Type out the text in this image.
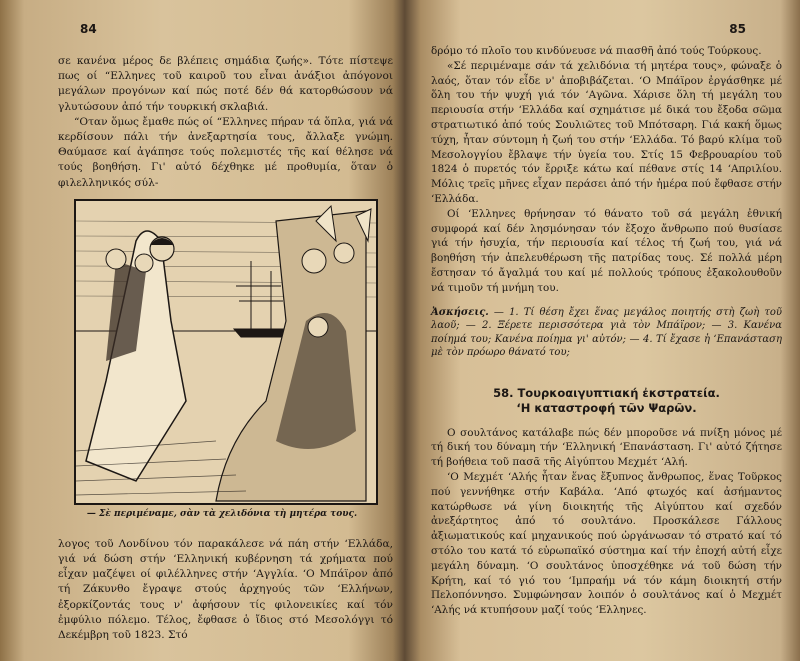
84

σε κανένα μέρος δε βλέπεις σημάδια ζωής». Τότε πίστεψε πως οί “Ελληνες τοῦ καιροῦ του εἶναι ἀνάξιοι ἀπόγονοι μεγάλων προγόνων καί πώς ποτέ δέν θά κατορθώσουν νά γλυτώσουν ἀπό τήν τουρκική σκλαβιά.

“Οταν ὅμως ἔμαθε πώς οί “Ελληνες πήραν τά ὅπλα, γιά νά κερδίσουν πάλι τήν ἀνεξαρτησία τους, ἄλλαξε γνώμη. Θαύμασε καί ἀγάπησε τούς πολεμιστές τῆς καί θέλησε νά τούς βοηθήση. Γι' αὐτό δέχθηκε μέ προθυμία, ὅταν ὁ φιλελληνικός σύλ-

— Σὲ περιμέναμε, σὰν τὰ χελιδόνια τὴ μητέρα τους.

λογος τοῦ Λονδίνου τόν παρακάλεσε νά πάη στήν ‘Ελλάδα, γιά νά δώση στήν ‘Ελληνική κυβέρνηση τά χρήματα πού εἶχαν μαζέψει οί φιλέλληνες στήν ‘Αγγλία. ‘Ο Μπάϊρον ἀπό τή Ζάκυνθο ἔγραψε στούς ἀρχηγούς τῶν ‘Ελλήνων, ἐξορκίζοντάς τους ν' ἀφήσουν τίς φιλονεικίες καί τόν ἐμφύλιο πόλεμο. Τέλος, ἔφθασε ὁ ἴδιος στό Μεσολόγγι τό Δεκέμβρη τοῦ 1823. Στό

85

δρόμο τό πλοῖο του κινδύνευσε νά πιασθῆ ἀπό τούς Τούρκους.

«Σέ περιμέναμε σάν τά χελιδόνια τή μητέρα τους», φώναξε ὁ λαός, ὅταν τόν εἶδε ν' ἀποβιβάζεται. ‘Ο Μπάϊρον ἐργάσθηκε μέ ὅλη του τήν ψυχή γιά τόν ‘Αγῶνα. Χάρισε ὅλη τή μεγάλη του περιουσία στήν ‘Ελλάδα καί σχημάτισε μέ δικά του ἔξοδα σῶμα στρατιωτικό ἀπό τούς Σουλιῶτες τοῦ Μπότσαρη. Γιά κακή ὅμως τύχη, ἦταν σύντομη ἡ ζωή του στήν ‘Ελλάδα. Τό βαρύ κλίμα τοῦ Μεσολογγίου ἔβλαψε τήν ὑγεία του. Στίς 15 Φεβρουαρίου τοῦ 1824 ὁ πυρετός τόν ἔρριξε κάτω καί πέθανε στίς 14 ‘Απριλίου. Μόλις τρεῖς μῆνες εἶχαν περάσει ἀπό τήν ἡμέρα πού ἔφθασε στήν ‘Ελλάδα.

Οί ‘Ελληνες θρήνησαν τό θάνατο τοῦ σά μεγάλη ἐθνική συμφορά καί δέν λησμόνησαν τόν ἔξοχο ἄνθρωπο πού θυσίασε γιά τήν ἡσυχία, τήν περιουσία καί τέλος τή ζωή του, γιά νά βοηθήση τήν ἀπελευθέρωση τῆς πατρίδας τους. Σέ πολλά μέρη ἔστησαν τό ἄγαλμά του καί μέ πολλούς τρόπους ἐξακολουθοῦν νά τιμοῦν τή μνήμη του.

Ἀσκήσεις. — 1. Τί θέση ἔχει ἕνας μεγάλος ποιητής στὴ ζωὴ τοῦ λαοῦ; — 2. Ξέρετε περισσότερα γιὰ τὸν Μπάϊρον; — 3. Κανένα ποίημά του; Κανένα ποίημα γι' αὐτόν; — 4. Τί ἔχασε ἡ ‘Επανάσταση μὲ τὸν πρόωρο θάνατό του;
58. Τουρκοαιγυπτιακή ἐκστρατεία.
‘Η καταστροφή τῶν Ψαρῶν.

Ο σουλτάνος κατάλαβε πώς δέν μποροῦσε νά πνίξη μόνος μέ τή δική του δύναμη τήν ‘Ελληνική ‘Επανάσταση. Γι' αὐτό ζήτησε τή βοήθεια τοῦ πασᾶ τῆς Αἰγύπτου Μεχμέτ ‘Αλή.

‘Ο Μεχμέτ ‘Αλής ἦταν ἕνας ἔξυπνος ἄνθρωπος, ἕνας Τοῦρκος πού γεννήθηκε στήν Καβάλα. ‘Από φτωχός καί ἀσήμαντος κατώρθωσε νά γίνη διοικητής τῆς Αἰγύπτου καί σχεδόν ἀνεξάρτητος ἀπό τό σουλτάνο. Προσκάλεσε Γάλλους ἀξιωματικούς καί μηχανικούς πού ὠργάνωσαν τό στρατό καί τό στόλο του κατά τό εὐρωπαϊκό σύστημα καί τήν ἐποχή αὐτή εἶχε μεγάλη δύναμη. ‘Ο σουλτάνος ὑποσχέθηκε νά τοῦ δώση τήν Κρήτη, καί τό γιό του ‘Ιμπραήμ νά τόν κάμη διοικητή στήν Πελοπόννησο. Συμφώνησαν λοιπόν ὁ σουλτάνος καί ὁ Μεχμέτ ‘Αλής νά κτυπήσουν μαζί τούς ‘Ελληνες.
